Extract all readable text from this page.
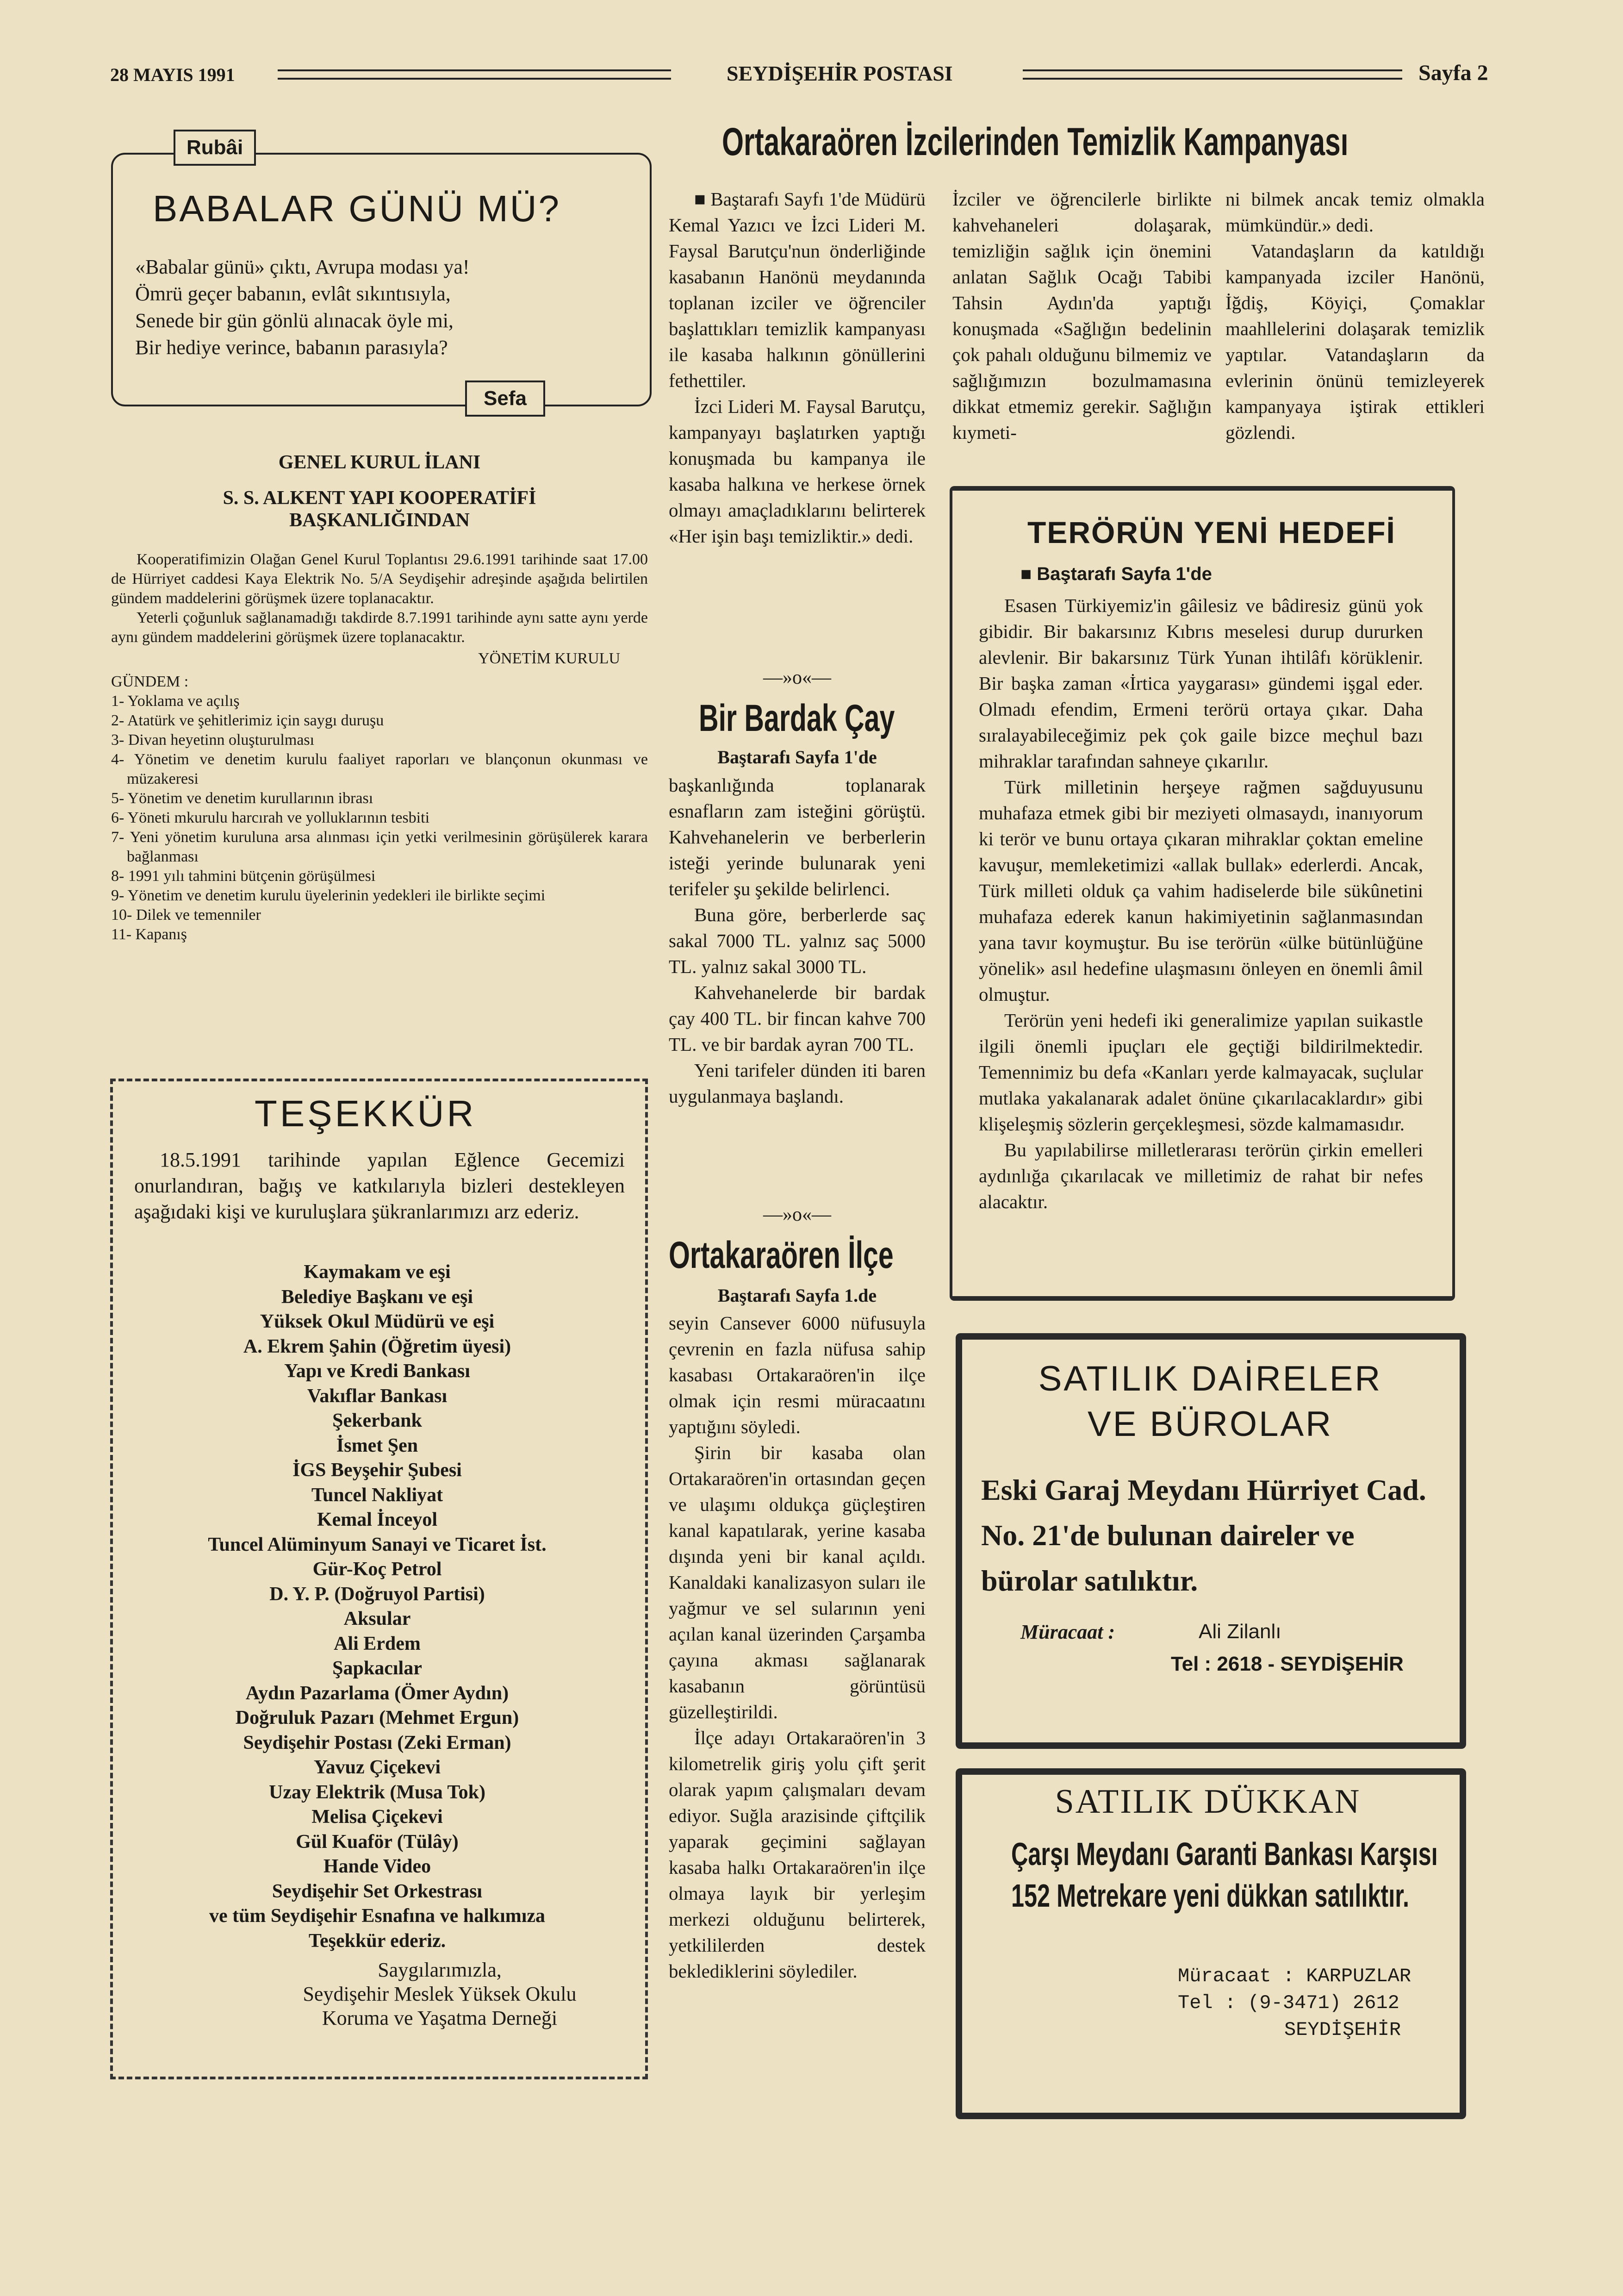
28 MAYIS 1991	SEYDİŞEHİR POSTASI	Sayfa 2
Rubâi
BABALAR GÜNÜ MÜ?
«Babalar günü» çıktı, Avrupa modası ya!
Ömrü geçer babanın, evlât sıkıntısıyla,
Senede bir gün gönlü alınacak öyle mi,
Bir hediye verince, babanın parasıyla?
Sefa
GENEL KURUL İLANI
S. S. ALKENT YAPI KOOPERATİFİ
BAŞKANLIĞINDAN

Kooperatifimizin Olağan Genel Kurul Toplantısı 29.6.1991 tarihinde saat 17.00 de Hürriyet caddesi Kaya Elektrik No. 5/A Seydişehir adreşinde aşağıda belirtilen gündem maddelerini görüşmek üzere toplanacaktır.

Yeterli çoğunluk sağlanamadığı takdirde 8.7.1991 tarihinde aynı satte aynı yerde aynı gündem maddelerini görüşmek üzere toplanacaktır.

YÖNETİM KURULU

GÜNDEM :

1- Yoklama ve açılış
2- Atatürk ve şehitlerimiz için saygı duruşu
3- Divan heyetinn oluşturulması
4- Yönetim ve denetim kurulu faaliyet raporları ve blançonun okunması ve müzakeresi
5- Yönetim ve denetim kurullarının ibrası
6- Yöneti mkurulu harcırah ve yolluklarının tesbiti
7- Yeni yönetim kuruluna arsa alınması için yetki verilmesinin görüşülerek karara bağlanması
8- 1991 yılı tahmini bütçenin görüşülmesi
9- Yönetim ve denetim kurulu üyelerinin yedekleri ile birlikte seçimi
10- Dilek ve temenniler
11- Kapanış
TEŞEKKÜR

18.5.1991 tarihinde yapılan Eğlence Gecemizi onurlandıran, bağış ve katkılarıyla bizleri destekleyen aşağıdaki kişi ve kuruluşlara şükranlarımızı arz ederiz.

Kaymakam ve eşi
Belediye Başkanı ve eşi
Yüksek Okul Müdürü ve eşi
A. Ekrem Şahin (Öğretim üyesi)
Yapı ve Kredi Bankası
Vakıflar Bankası
Şekerbank
İsmet Şen
İGS Beyşehir Şubesi
Tuncel Nakliyat
Kemal İnceyol
Tuncel Alüminyum Sanayi ve Ticaret İst.
Gür-Koç Petrol
D. Y. P. (Doğruyol Partisi)
Aksular
Ali Erdem
Şapkacılar
Aydın Pazarlama (Ömer Aydın)
Doğruluk Pazarı (Mehmet Ergun)
Seydişehir Postası (Zeki Erman)
Yavuz Çiçekevi
Uzay Elektrik (Musa Tok)
Melisa Çiçekevi
Gül Kuaför (Tülây)
Hande Video
Seydişehir Set Orkestrası
ve tüm Seydişehir Esnafına ve halkımıza
Teşekkür ederiz.
Saygılarımızla,
Seydişehir Meslek Yüksek Okulu
Koruma ve Yaşatma Derneği
Ortakaraören İzcilerinden Temizlik Kampanyası

■ Baştarafı Sayfı 1'de Müdürü Kemal Yazıcı ve İzci Lideri M. Faysal Barutçu'nun önderliğinde kasabanın Hanönü meydanında toplanan izciler ve öğrenciler başlattıkları temizlik kampanyası ile kasaba halkının gönüllerini fethettiler.

İzci Lideri M. Faysal Barutçu, kampanyayı başlatırken yaptığı konuşmada bu kampanya ile kasaba halkına ve herkese örnek olmayı amaçladıklarını belirterek «Her işin başı temizliktir.» dedi.

İzciler ve öğrencilerle birlikte kahvehaneleri dolaşarak, temizliğin sağlık için önemini anlatan Sağlık Ocağı Tabibi Tahsin Aydın'da yaptığı konuşmada «Sağlığın bedelinin çok pahalı olduğunu bilmemiz ve sağlığımızın bozulmamasına dikkat etmemiz gerekir. Sağlığın kıymeti-

ni bilmek ancak temiz olmakla mümkündür.» dedi.

Vatandaşların da katıldığı kampanyada izciler Hanönü, İğdiş, Köyiçi, Çomaklar maahllelerini dolaşarak temizlik yaptılar. Vatandaşların da evlerinin önünü temizleyerek kampanyaya iştirak ettikleri gözlendi.

—»o«—
Bir Bardak Çay
Baştarafı Sayfa 1'de

başkanlığında toplanarak esnafların zam isteğini görüştü. Kahvehanelerin ve berberlerin isteği yerinde bulunarak yeni terifeler şu şekilde belirlenci.

Buna göre, berberlerde saç sakal 7000 TL. yalnız saç 5000 TL. yalnız sakal 3000 TL.

Kahvehanelerde bir bardak çay 400 TL. bir fincan kahve 700 TL. ve bir bardak ayran 700 TL.

Yeni tarifeler dünden iti baren uygulanmaya başlandı.

—»o«—
Ortakaraören İlçe
Baştarafı Sayfa 1.de

seyin Cansever 6000 nüfusuyla çevrenin en fazla nüfusa sahip kasabası Ortakaraören'in ilçe olmak için resmi müracaatını yaptığını söyledi.

Şirin bir kasaba olan Ortakaraören'in ortasından geçen ve ulaşımı oldukça güçleştiren kanal kapatılarak, yerine kasaba dışında yeni bir kanal açıldı. Kanaldaki kanalizasyon suları ile yağmur ve sel sularının yeni açılan kanal üzerinden Çarşamba çayına akması sağlanarak kasabanın görüntüsü güzelleştirildi.

İlçe adayı Ortakaraören'in 3 kilometrelik giriş yolu çift şerit olarak yapım çalışmaları devam ediyor. Suğla arazisinde çiftçilik yaparak geçimini sağlayan kasaba halkı Ortakaraören'in ilçe olmaya layık bir yerleşim merkezi olduğunu belirterek, yetkililerden destek beklediklerini söylediler.

TERÖRÜN YENİ HEDEFİ
■ Baştarafı Sayfa 1'de

Esasen Türkiyemiz'in gâilesiz ve bâdiresiz günü yok gibidir. Bir bakarsınız Kıbrıs meselesi durup dururken alevlenir. Bir bakarsınız Türk Yunan ihtilâfı körüklenir. Bir başka zaman «İrtica yaygarası» gündemi işgal eder. Olmadı efendim, Ermeni terörü ortaya çıkar. Daha sıralayabileceğimiz pek çok gaile bizce meçhul bazı mihraklar tarafından sahneye çıkarılır.

Türk milletinin herşeye rağmen sağduyusunu muhafaza etmek gibi bir meziyeti olmasaydı, inanıyorum ki terör ve bunu ortaya çıkaran mihraklar çoktan emeline kavuşur, memleketimizi «allak bullak» ederlerdi. Ancak, Türk milleti olduk ça vahim hadiselerde bile sükûnetini muhafaza ederek kanun hakimiyetinin sağlanmasından yana tavır koymuştur. Bu ise terörün «ülke bütünlüğüne yönelik» asıl hedefine ulaşmasını önleyen en önemli âmil olmuştur.

Terörün yeni hedefi iki generalimize yapılan suikastle ilgili önemli ipuçları ele geçtiği bildirilmektedir. Temennimiz bu defa «Kanları yerde kalmayacak, suçlular mutlaka yakalanarak adalet önüne çıkarılacaklardır» gibi klişeleşmiş sözlerin gerçekleşmesi, sözde kalmamasıdır.

Bu yapılabilirse milletlerarası terörün çirkin emelleri aydınlığa çıkarılacak ve milletimiz de rahat bir nefes alacaktır.

SATILIK DAİRELER
VE BÜROLAR
Eski Garaj Meydanı Hürriyet Cad. No. 21'de bulunan daireler ve bürolar satılıktır.
Müracaat :	Ali Zilanlı
Tel : 2618 - SEYDİŞEHİR
SATILIK DÜKKAN
Çarşı Meydanı Garanti Bankası Karşısı 152 Metrekare yeni dükkan satılıktır.
Müracaat : KARPUZLAR
Tel : (9-3471) 2612
SEYDİŞEHİR
